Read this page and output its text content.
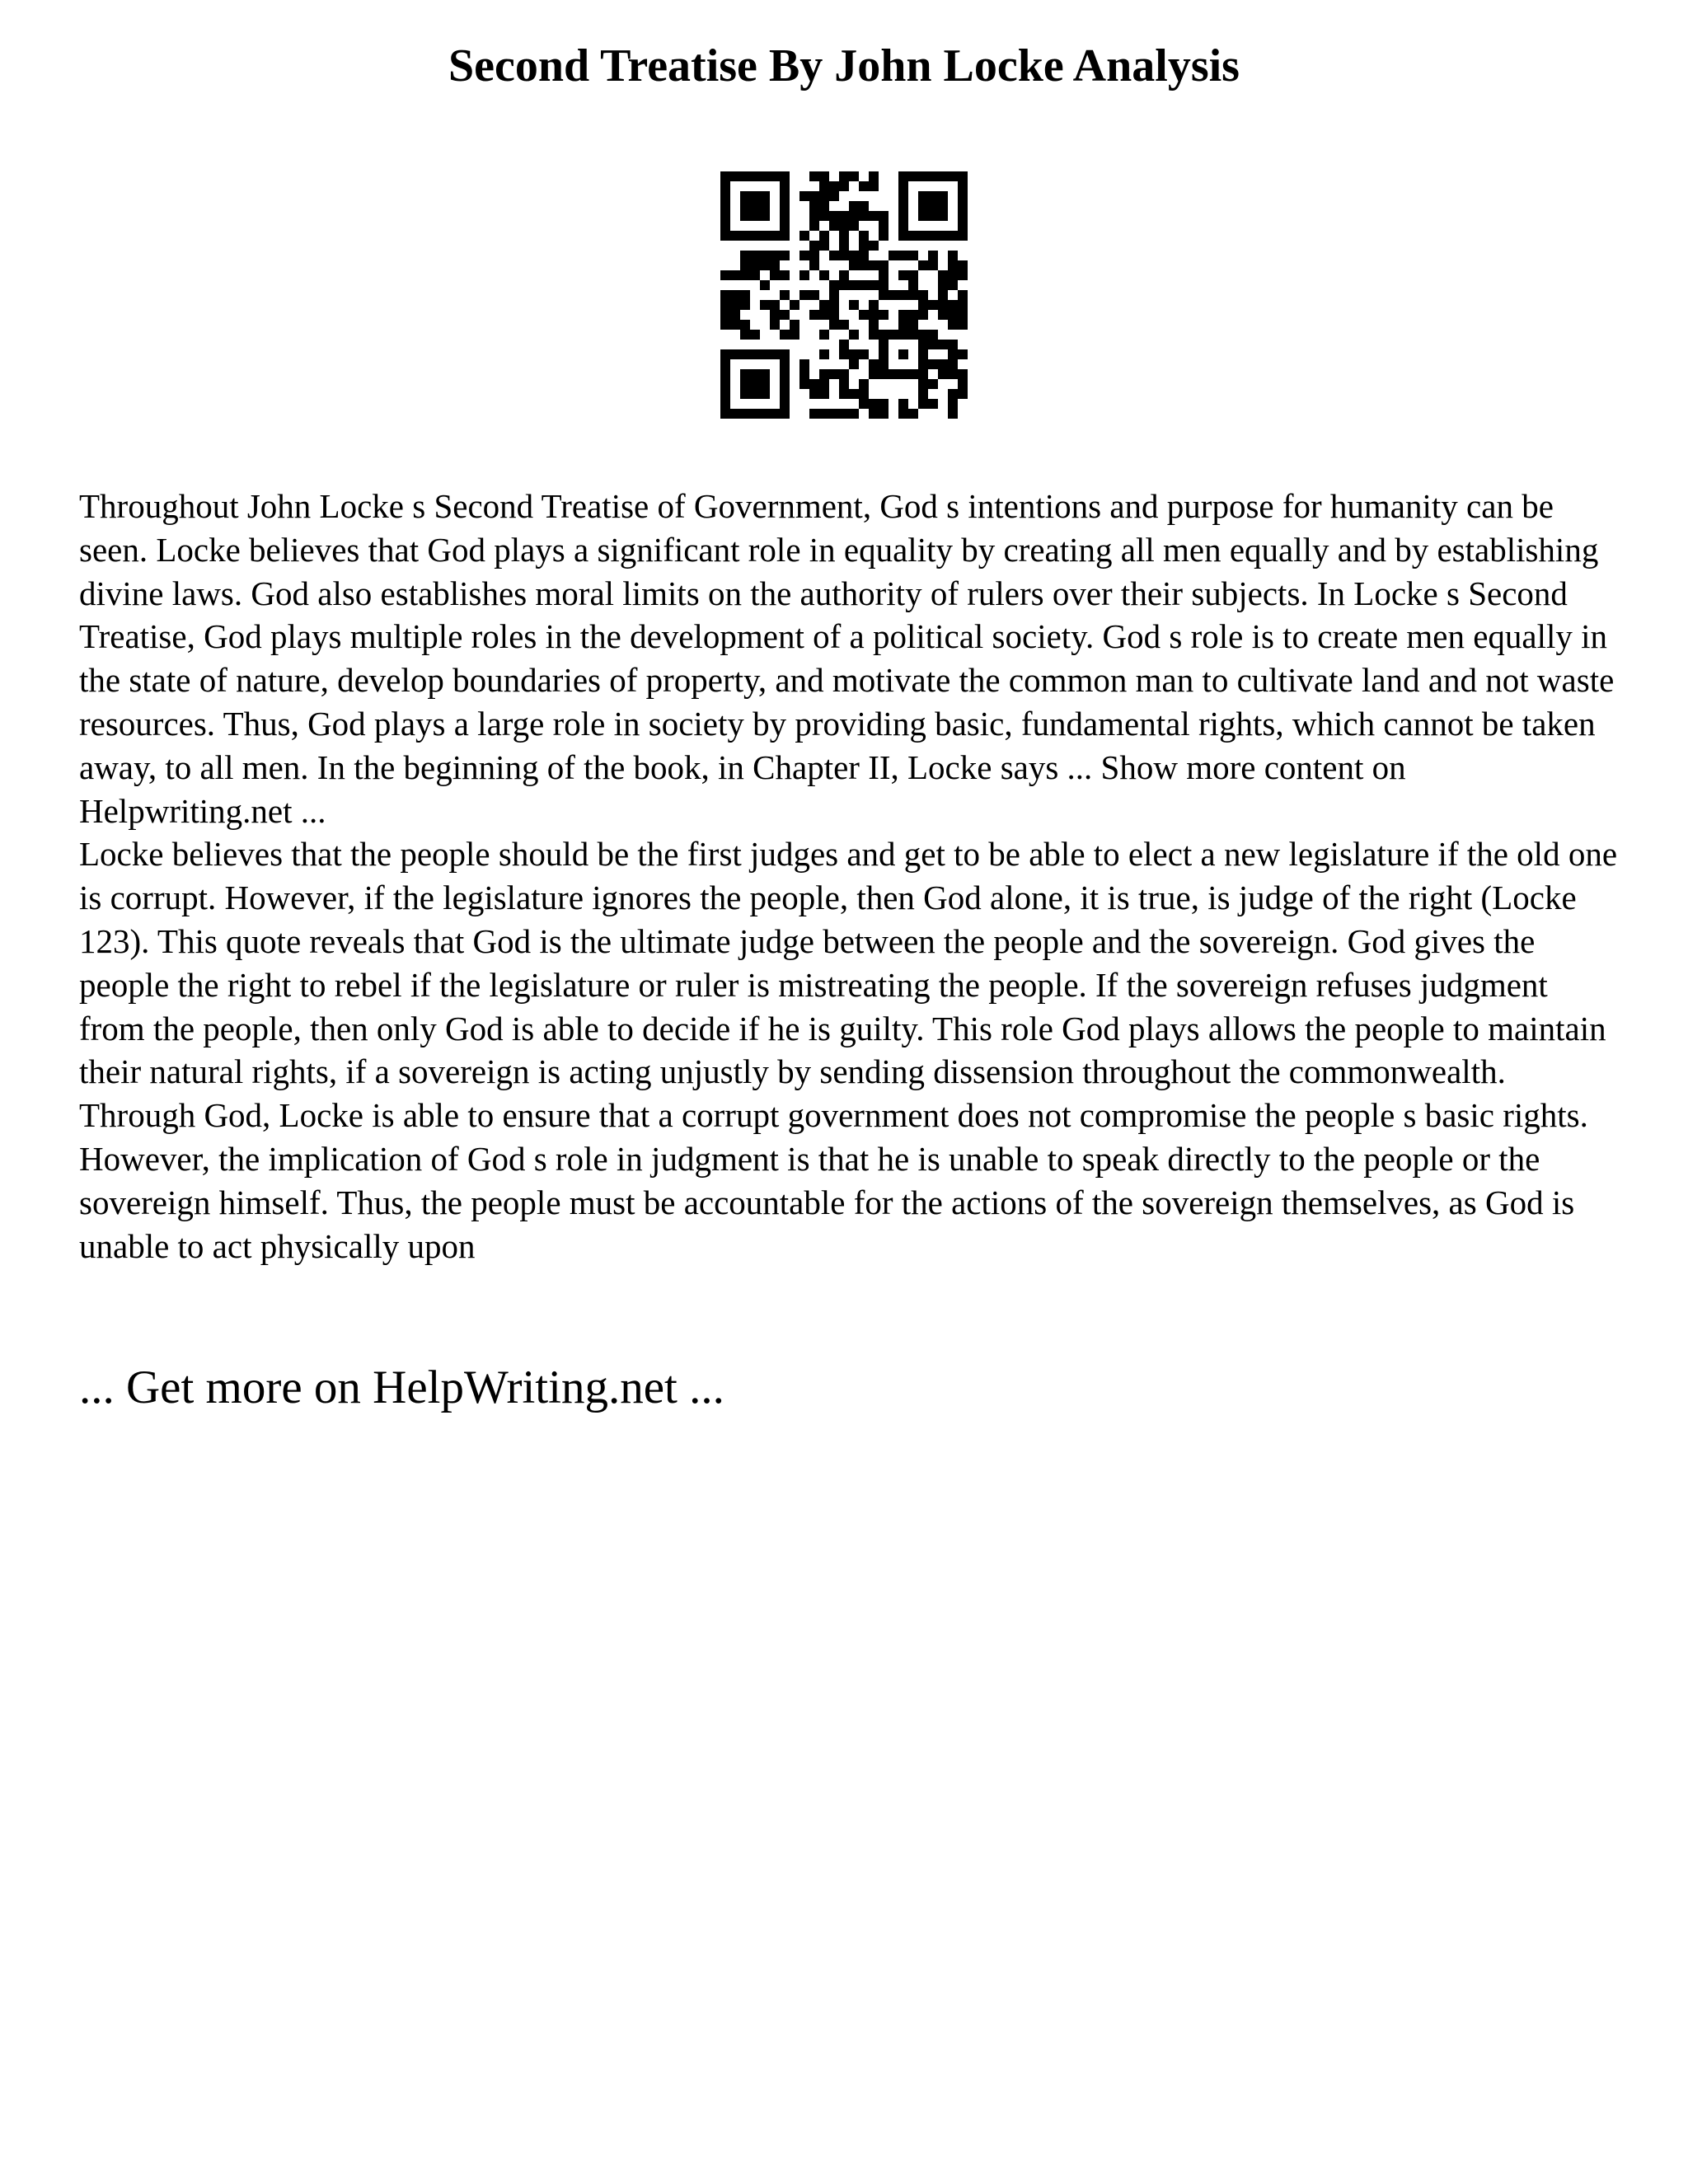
Second Treatise By John Locke Analysis

Throughout John Locke s Second Treatise of Government, God s intentions and purpose for humanity can be seen. Locke believes that God plays a significant role in equality by creating all men equally and by establishing divine laws. God also establishes moral limits on the authority of rulers over their subjects. In Locke s Second Treatise, God plays multiple roles in the development of a political society. God s role is to create men equally in the state of nature, develop boundaries of property, and motivate the common man to cultivate land and not waste resources. Thus, God plays a large role in society by providing basic, fundamental rights, which cannot be taken away, to all men. In the beginning of the book, in Chapter II, Locke says ... Show more content on Helpwriting.net ...

Locke believes that the people should be the first judges and get to be able to elect a new legislature if the old one is corrupt. However, if the legislature ignores the people, then God alone, it is true, is judge of the right (Locke 123). This quote reveals that God is the ultimate judge between the people and the sovereign. God gives the people the right to rebel if the legislature or ruler is mistreating the people. If the sovereign refuses judgment from the people, then only God is able to decide if he is guilty. This role God plays allows the people to maintain their natural rights, if a sovereign is acting unjustly by sending dissension throughout the commonwealth. Through God, Locke is able to ensure that a corrupt government does not compromise the people s basic rights. However, the implication of God s role in judgment is that he is unable to speak directly to the people or the sovereign himself. Thus, the people must be accountable for the actions of the sovereign themselves, as God is unable to act physically upon

... Get more on HelpWriting.net ...
